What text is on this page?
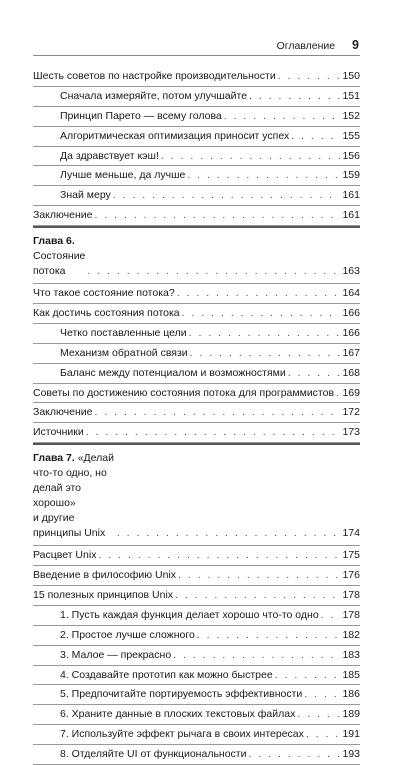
Оглавление 9
Шесть советов по настройке производительности . . .	150
Сначала измеряйте, потом улучшайте . . .	151
Принцип Парето — всему голова . . .	152
Алгоритмическая оптимизация приносит успех . . .	155
Да здравствует кэш! . . .	156
Лучше меньше, да лучше . . .	159
Знай меру . . .	161
Заключение . . .	161
Глава 6. Состояние потока . . .	163
Что такое состояние потока? . . .	164
Как достичь состояния потока . . .	166
Четко поставленные цели . . .	166
Механизм обратной связи . . .	167
Баланс между потенциалом и возможностями . . .	168
Советы по достижению состояния потока для программистов . . . 169
Заключение . . .	172
Источники . . .	173
Глава 7. «Делай что-то одно, но делай это хорошо»
и другие принципы Unix . . .	174
Расцвет Unix . . .	175
Введение в философию Unix . . .	176
15 полезных принципов Unix . . .	178
1. Пусть каждая функция делает хорошо что-то одно . . . 178
2. Простое лучше сложного . . .	182
3. Малое — прекрасно . . .	183
4. Создавайте прототип как можно быстрее . . .	185
5. Предпочитайте портируемость эффективности . . .	186
6. Храните данные в плоских текстовых файлах . . .	189
7. Используйте эффект рычага в своих интересах . . .	191
8. Отделяйте UI от функциональности . . .	193
